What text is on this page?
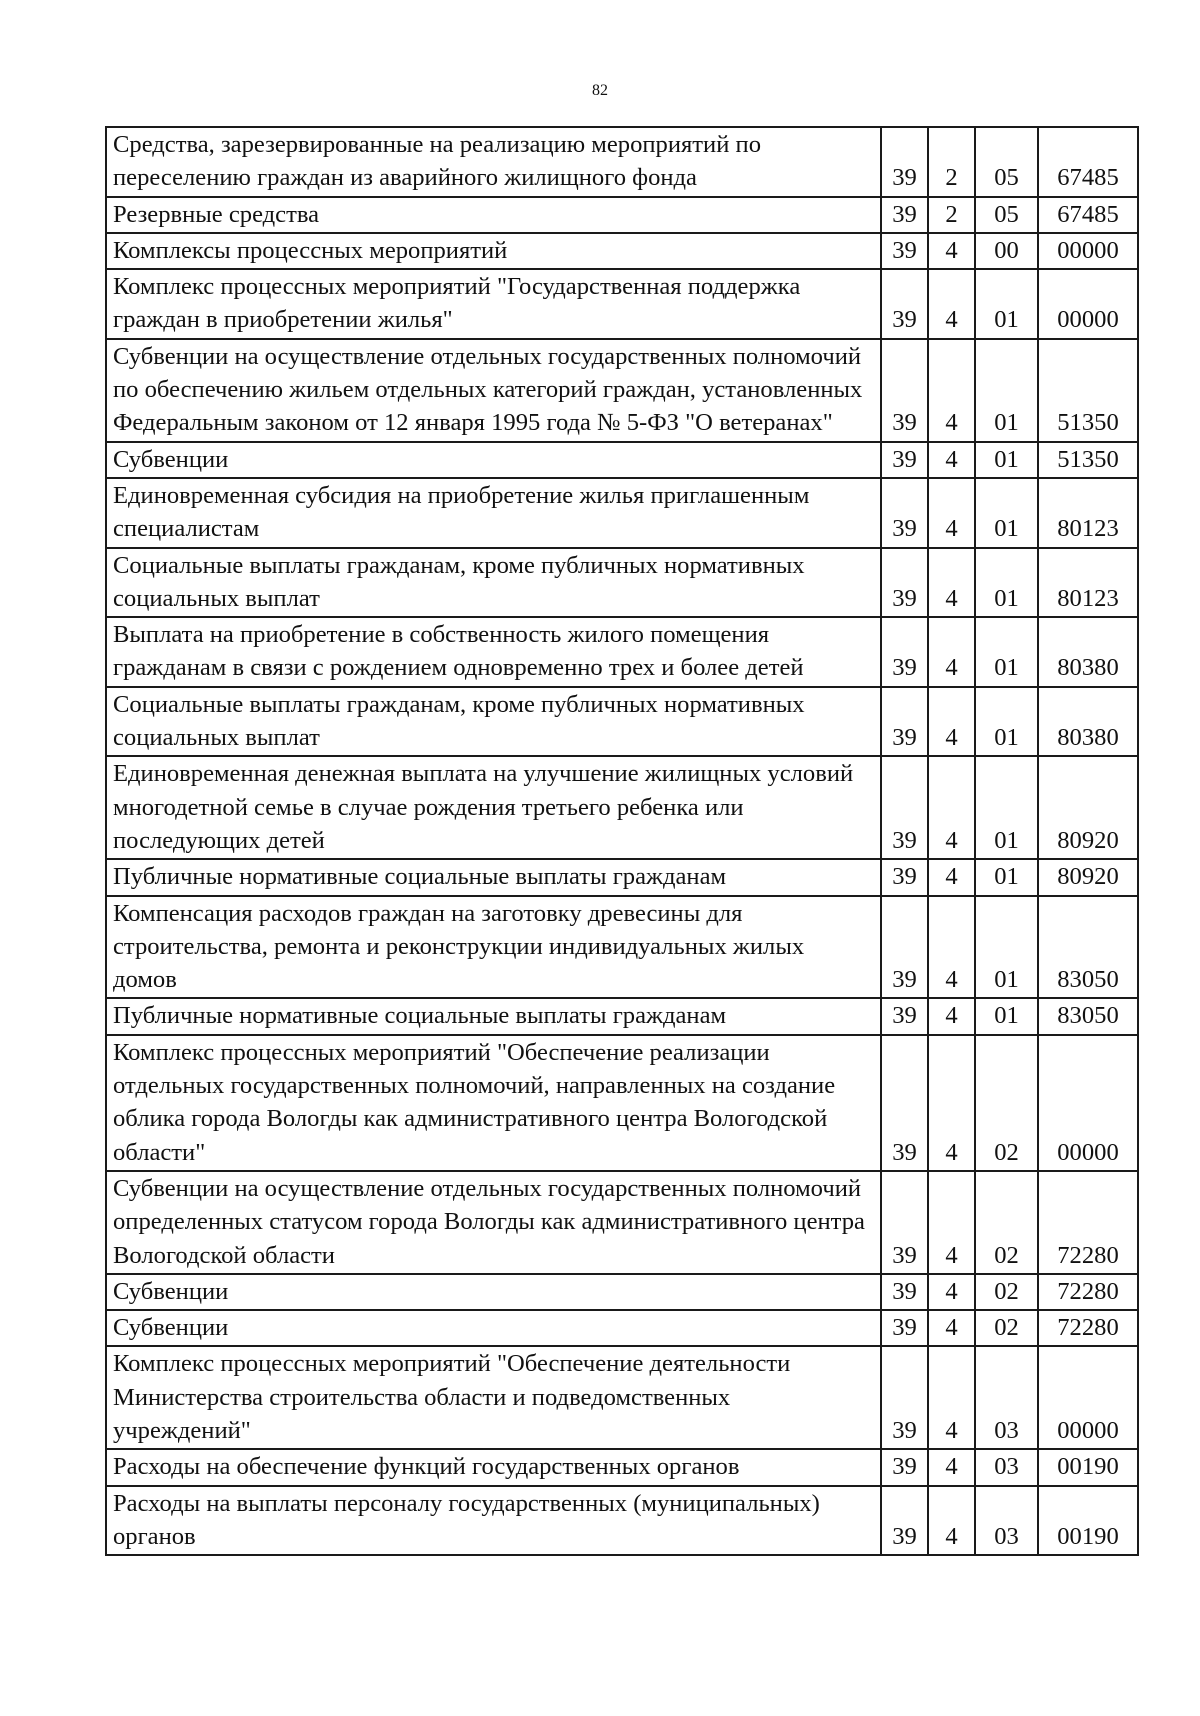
82
Средства, зарезервированные на реализацию мероприятий по переселению граждан из аварийного жилищного фонда	39	2	05	67485
Резервные средства	39	2	05	67485
Комплексы процессных мероприятий	39	4	00	00000
Комплекс процессных мероприятий "Государственная поддержка граждан в приобретении жилья"	39	4	01	00000
Субвенции на осуществление отдельных государственных полномочий по обеспечению жильем отдельных категорий граждан, установленных Федеральным законом от 12 января 1995 года № 5-ФЗ "О ветеранах"	39	4	01	51350
Субвенции	39	4	01	51350
Единовременная субсидия на приобретение жилья приглашенным специалистам	39	4	01	80123
Социальные выплаты гражданам, кроме публичных нормативных социальных выплат	39	4	01	80123
Выплата на приобретение в собственность жилого помещения гражданам в связи с рождением одновременно трех и более детей	39	4	01	80380
Социальные выплаты гражданам, кроме публичных нормативных социальных выплат	39	4	01	80380
Единовременная денежная выплата на улучшение жилищных условий многодетной семье в случае рождения третьего ребенка или последующих детей	39	4	01	80920
Публичные нормативные социальные выплаты гражданам	39	4	01	80920
Компенсация расходов граждан на заготовку древесины для строительства, ремонта и реконструкции индивидуальных жилых домов	39	4	01	83050
Публичные нормативные социальные выплаты гражданам	39	4	01	83050
Комплекс процессных мероприятий "Обеспечение реализации отдельных государственных полномочий, направленных на создание облика города Вологды как административного центра Вологодской области"	39	4	02	00000
Субвенции на осуществление отдельных государственных полномочий определенных статусом города Вологды как административного центра Вологодской области	39	4	02	72280
Субвенции	39	4	02	72280
Субвенции	39	4	02	72280
Комплекс процессных мероприятий "Обеспечение деятельности Министерства строительства области и подведомственных учреждений"	39	4	03	00000
Расходы на обеспечение функций государственных органов	39	4	03	00190
Расходы на выплаты персоналу государственных (муниципальных) органов	39	4	03	00190
